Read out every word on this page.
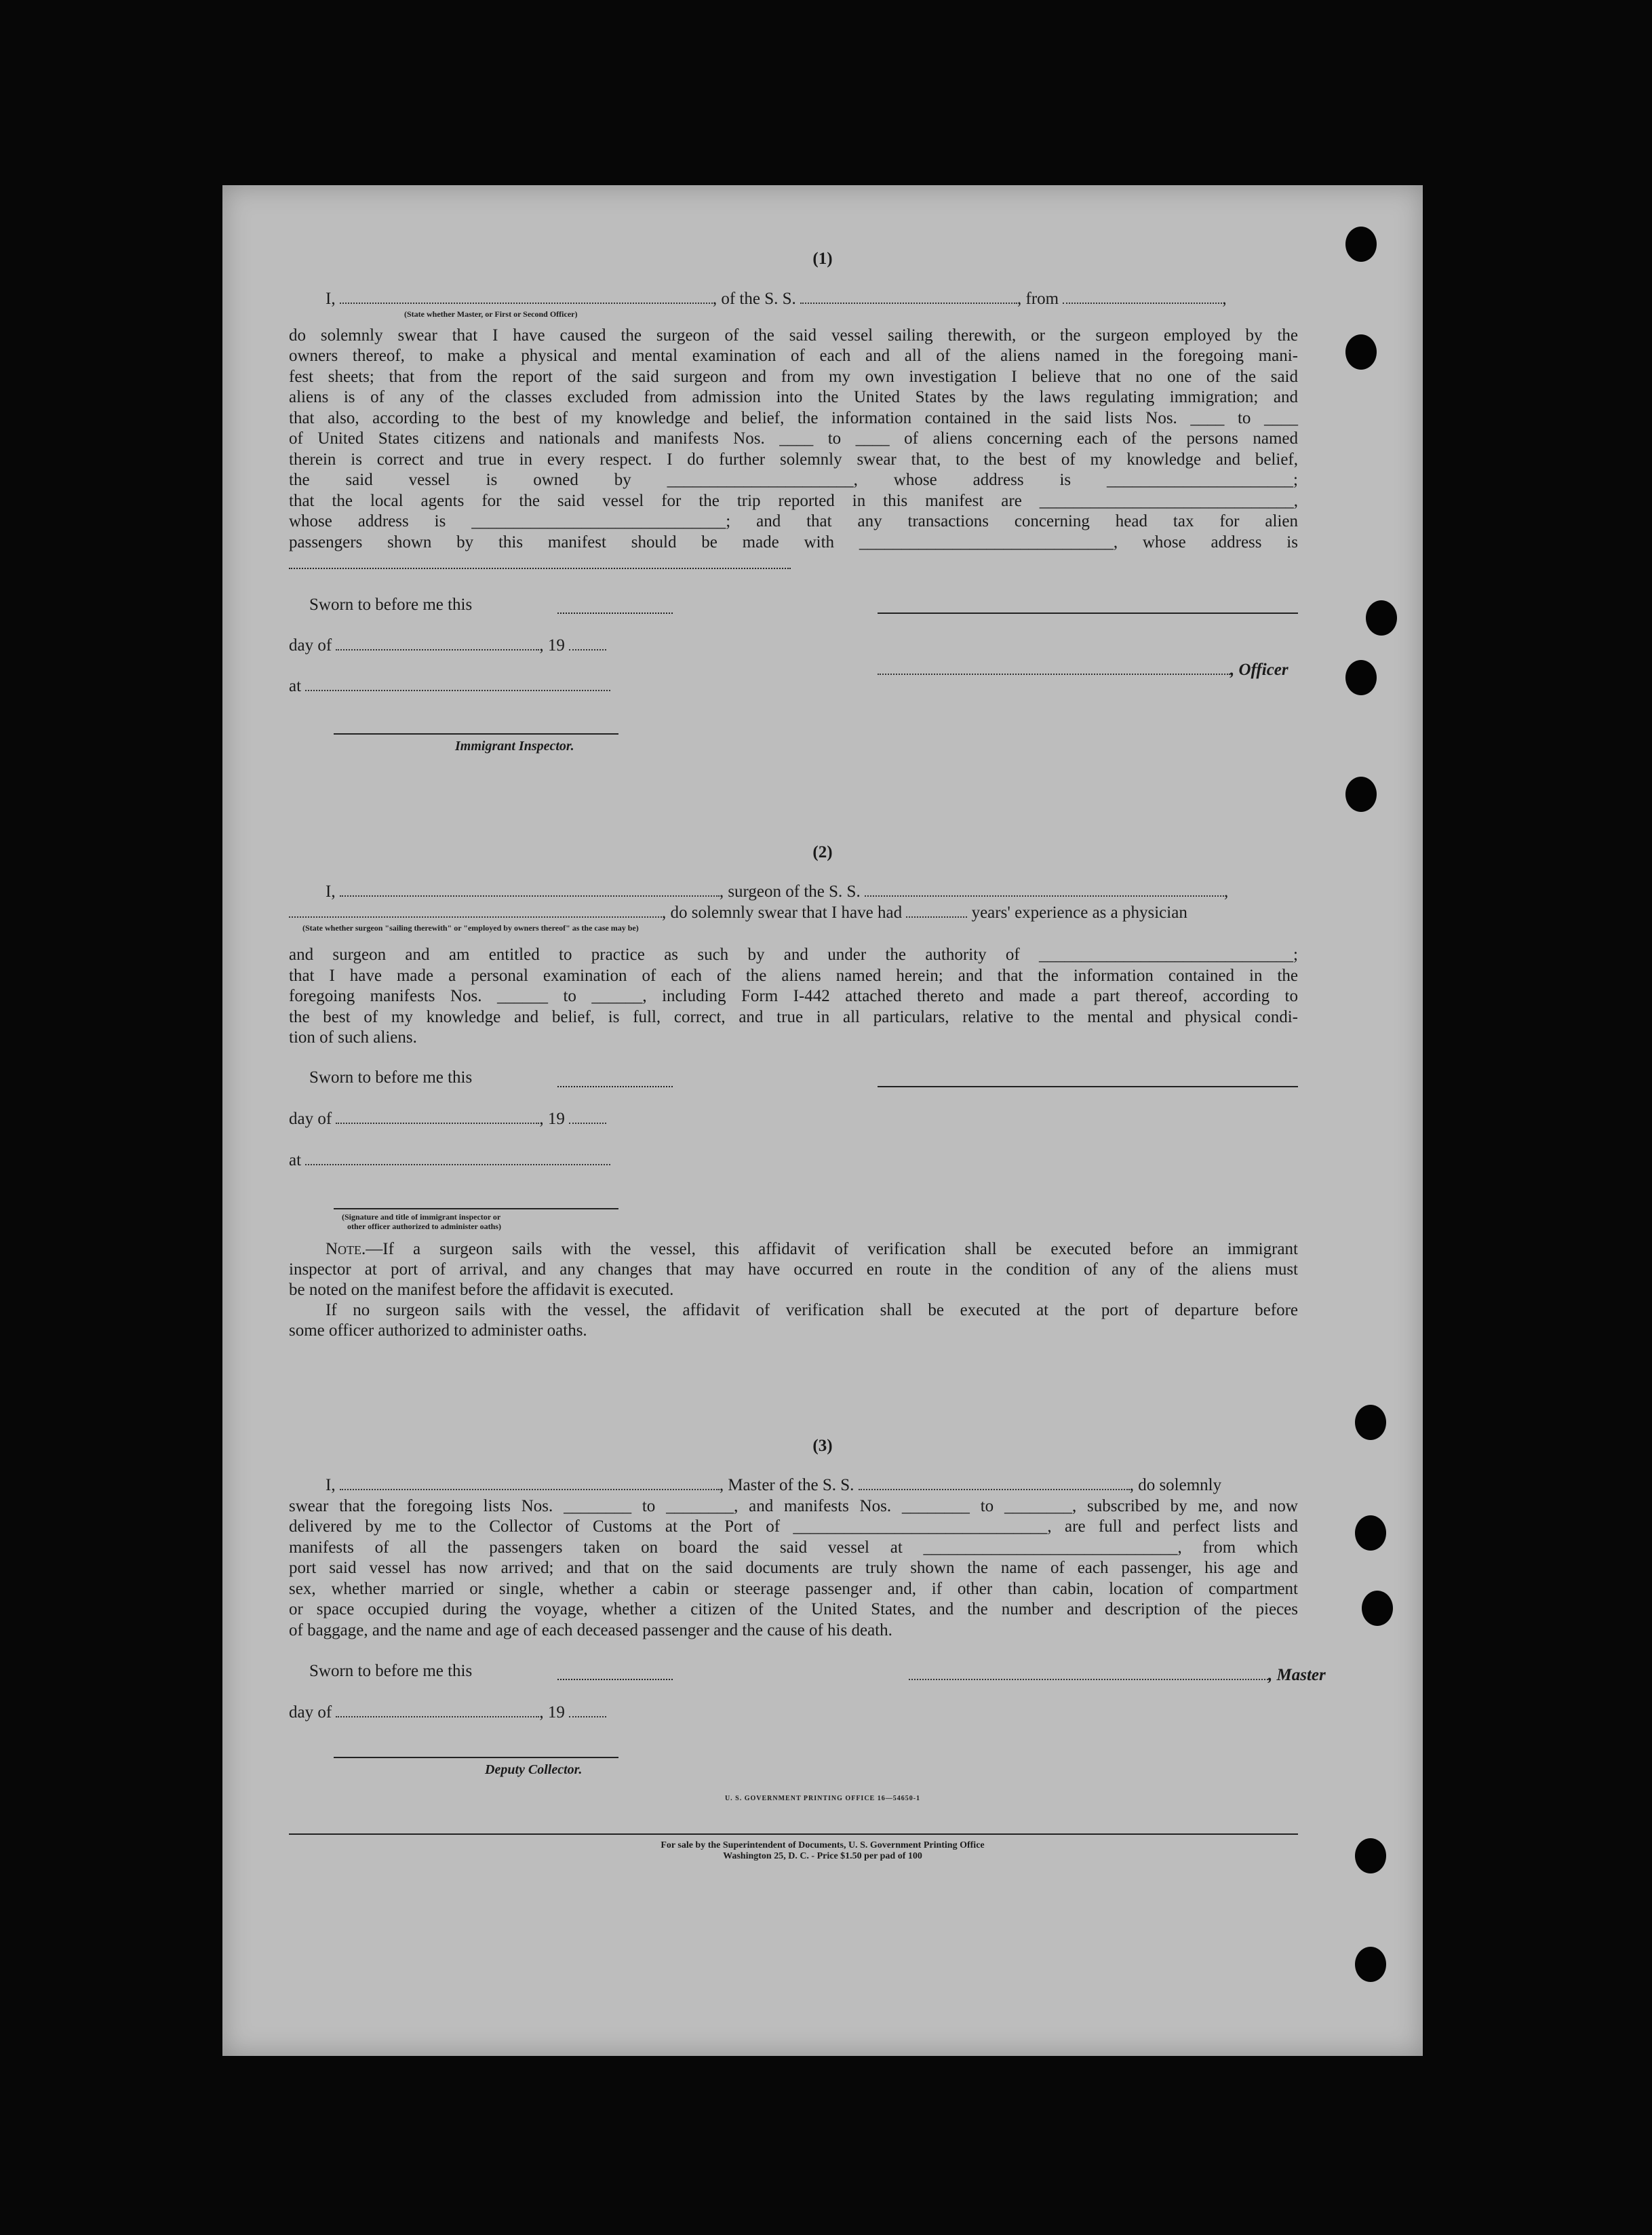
(1)
I,	, of the S. S.	, from	,
(State whether Master, or First or Second Officer)
do solemnly swear that I have caused the surgeon of the said vessel sailing therewith, or the surgeon employed by the
owners thereof, to make a physical and mental examination of each and all of the aliens named in the foregoing mani-
fest sheets; that from the report of the said surgeon and from my own investigation I believe that no one of the said
aliens is of any of the classes excluded from admission into the United States by the laws regulating immigration; and
that also, according to the best of my knowledge and belief, the information contained in the said lists Nos. ____ to ____
of United States citizens and nationals and manifests Nos. ____ to ____ of aliens concerning each of the persons named
therein is correct and true in every respect. I do further solemnly swear that, to the best of my knowledge and belief,
the said vessel is owned by ______________________, whose address is ______________________;
that the local agents for the said vessel for the trip reported in this manifest are ______________________________,
whose address is ______________________________; and that any transactions concerning head tax for alien
passengers shown by this manifest should be made with ______________________________, whose address is
Sworn to before me this
day of	, 19
, Officer
at
Immigrant Inspector.
(2)
I,	, surgeon of the S. S.	,
, do solemnly swear that I have had	years' experience as a physician
(State whether surgeon "sailing therewith" or "employed by owners thereof" as the case may be)
and surgeon and am entitled to practice as such by and under the authority of ______________________________;
that I have made a personal examination of each of the aliens named herein; and that the information contained in the
foregoing manifests Nos. ______ to ______, including Form I-442 attached thereto and made a part thereof, according to
the best of my knowledge and belief, is full, correct, and true in all particulars, relative to the mental and physical condi-
tion of such aliens.
Sworn to before me this
day of	, 19
at
(Signature and title of immigrant inspector or
other officer authorized to administer oaths)
Note.—If a surgeon sails with the vessel, this affidavit of verification shall be executed before an immigrant
inspector at port of arrival, and any changes that may have occurred en route in the condition of any of the aliens must
be noted on the manifest before the affidavit is executed.
If no surgeon sails with the vessel, the affidavit of verification shall be executed at the port of departure before
some officer authorized to administer oaths.
(3)
I,	, Master of the S. S.	, do solemnly
swear that the foregoing lists Nos. ________ to ________, and manifests Nos. ________ to ________, subscribed by me, and now
delivered by me to the Collector of Customs at the Port of ______________________________, are full and perfect lists and
manifests of all the passengers taken on board the said vessel at ______________________________, from which
port said vessel has now arrived; and that on the said documents are truly shown the name of each passenger, his age and
sex, whether married or single, whether a cabin or steerage passenger and, if other than cabin, location of compartment
or space occupied during the voyage, whether a citizen of the United States, and the number and description of the pieces
of baggage, and the name and age of each deceased passenger and the cause of his death.
Sworn to before me this	, Master
day of	, 19
Deputy Collector.
U. S. GOVERNMENT PRINTING OFFICE 16—54650-1
For sale by the Superintendent of Documents, U. S. Government Printing Office
Washington 25, D. C. - Price $1.50 per pad of 100
